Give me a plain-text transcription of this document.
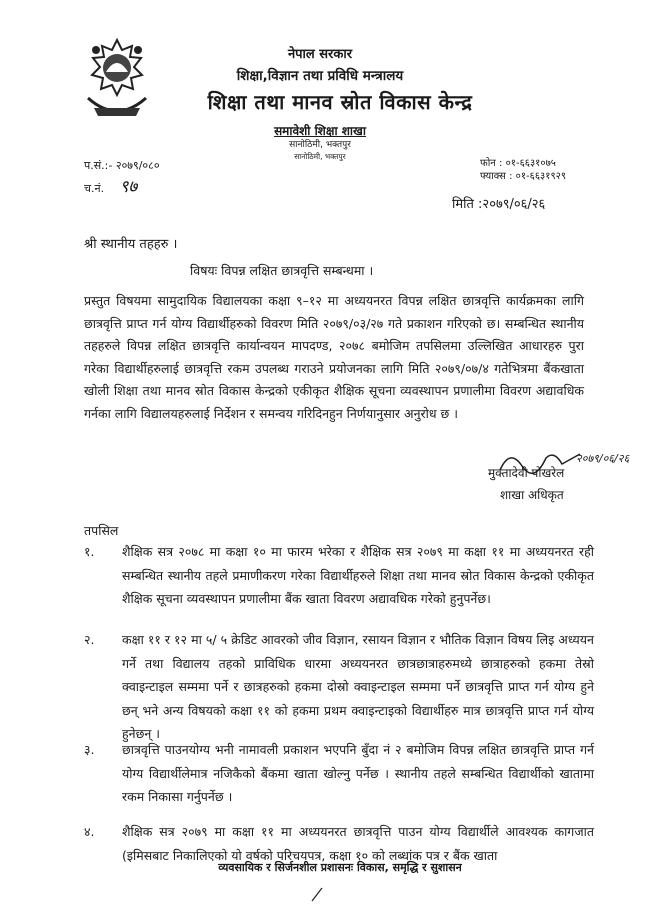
नेपाल सरकार
शिक्षा,विज्ञान तथा प्रविधि मन्त्रालय
शिक्षा तथा मानव स्रोत विकास केन्द्र
समावेशी शिक्षा शाखा
सानोठिमी, भक्तपुर
सानोठिमी, भक्तपुर
प.सं.:- २०७९/०८०
च.नं. ९७
फोन : ०१-६६३१०७५
फ्याक्स : ०१-६६३१९२९
मिति :२०७९/०६/२६
श्री स्थानीय तहहरु ।
विषयः विपन्न लक्षित छात्रवृत्ति सम्बन्धमा ।
प्रस्तुत विषयमा सामुदायिक विद्यालयका कक्षा ९–१२ मा अध्ययनरत विपन्न लक्षित छात्रवृत्ति कार्यक्रमका लागि छात्रवृत्ति प्राप्त गर्न योग्य विद्यार्थीहरुको विवरण मिति २०७९/०३/२७ गते प्रकाशन गरिएको छ। सम्बन्धित स्थानीय तहहरुले विपन्न लक्षित छात्रवृत्ति कार्यान्वयन मापदण्ड, २०७८ बमोजिम तपसिलमा उल्लिखित आधारहरु पुरा गरेका विद्यार्थीहरुलाई छात्रवृत्ति रकम उपलब्ध गराउने प्रयोजनका लागि मिति २०७९/०७/४ गतेभित्रमा बैंकखाता खोली शिक्षा तथा मानव स्रोत विकास केन्द्रको एकीकृत शैक्षिक सूचना व्यवस्थापन प्रणालीमा विवरण अद्यावधिक गर्नका लागि विद्यालयहरुलाई निर्देशन र समन्वय गरिदिनहुन निर्णयानुसार अनुरोध छ ।
२०७९/०६/२६
मुक्तादेवी पोखरेल
शाखा अधिकृत
तपसिल
१.	शैक्षिक सत्र २०७८ मा कक्षा १० मा फारम भरेका र शैक्षिक सत्र २०७९ मा कक्षा ११ मा अध्ययनरत रही सम्बन्धित स्थानीय तहले प्रमाणीकरण गरेका विद्यार्थीहरुले शिक्षा तथा मानव स्रोत विकास केन्द्रको एकीकृत शैक्षिक सूचना व्यवस्थापन प्रणालीमा बैंक खाता विवरण अद्यावधिक गरेको हुनुपर्नेछ।
२.	कक्षा ११ र १२ मा ५/ ५ क्रेडिट आवरको जीव विज्ञान, रसायन विज्ञान र भौतिक विज्ञान विषय लिइ अध्ययन गर्ने तथा विद्यालय तहको प्राविधिक धारमा अध्ययनरत छात्रछात्राहरुमध्ये छात्राहरुको हकमा तेस्रो क्वाइन्टाइल सम्ममा पर्ने र छात्रहरुको हकमा दोस्रो क्वाइन्टाइल सम्ममा पर्ने छात्रवृत्ति प्राप्त गर्न योग्य हुने छन् भने अन्य विषयको कक्षा ११ को हकमा प्रथम क्वाइन्टाइको विद्यार्थीहरु मात्र छात्रवृत्ति प्राप्त गर्न योग्य हुनेछन् ।
३.	छात्रवृत्ति पाउनयोग्य भनी नामावली प्रकाशन भएपनि बुँदा नं २ बमोजिम विपन्न लक्षित छात्रवृत्ति प्राप्त गर्न योग्य विद्यार्थीलेमात्र नजिकैको बैंकमा खाता खोल्नु पर्नेछ । स्थानीय तहले सम्बन्धित विद्यार्थीको खातामा रकम निकासा गर्नुपर्नेछ ।
४.	शैक्षिक सत्र २०७९ मा कक्षा ११ मा अध्ययनरत छात्रवृत्ति पाउन योग्य विद्यार्थीले आवश्यक कागजात (इमिसबाट निकालिएको यो वर्षको परिचयपत्र, कक्षा १० को लब्धांक पत्र र बैंक खाता
व्यवसायिक र सिर्जनशील प्रशासनः विकास, समृद्धि र सुशासन
